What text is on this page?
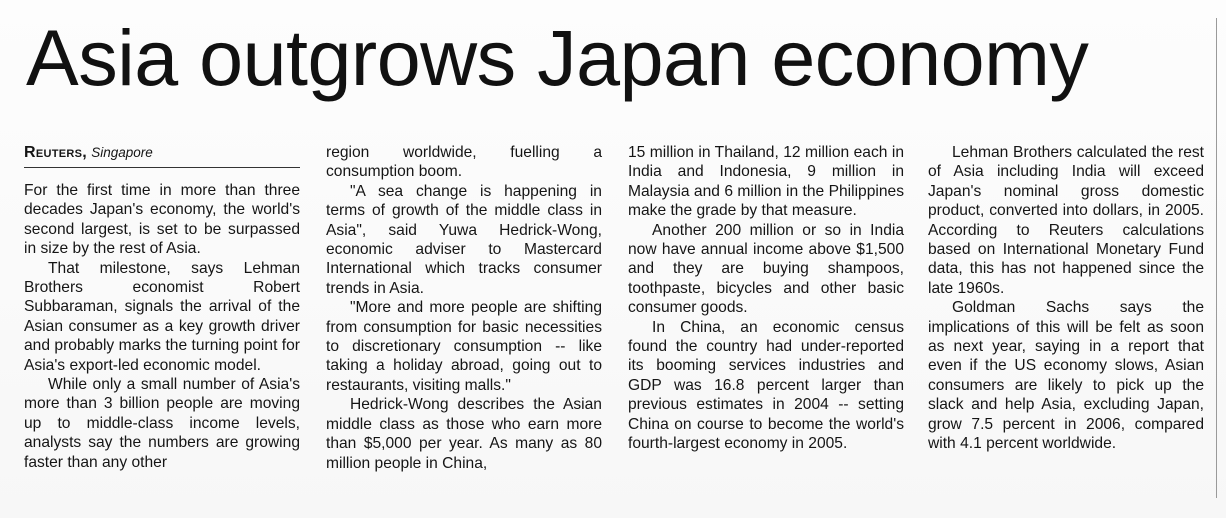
Asia outgrows Japan economy
Reuters, Singapore

For the first time in more than three decades Japan's economy, the world's second largest, is set to be surpassed in size by the rest of Asia.

That milestone, says Lehman Brothers economist Robert Subbaraman, signals the arrival of the Asian consumer as a key growth driver and probably marks the turning point for Asia's export-led economic model.

While only a small number of Asia's more than 3 billion people are moving up to middle-class income levels, analysts say the numbers are growing faster than any other

region worldwide, fuelling a consumption boom.

"A sea change is happening in terms of growth of the middle class in Asia", said Yuwa Hedrick-Wong, economic adviser to Mastercard International which tracks consumer trends in Asia.

"More and more people are shifting from consumption for basic necessities to discretionary consumption -- like taking a holiday abroad, going out to restaurants, visiting malls."

Hedrick-Wong describes the Asian middle class as those who earn more than $5,000 per year. As many as 80 million people in China,

15 million in Thailand, 12 million each in India and Indonesia, 9 million in Malaysia and 6 million in the Philippines make the grade by that measure.

Another 200 million or so in India now have annual income above $1,500 and they are buying shampoos, toothpaste, bicycles and other basic consumer goods.

In China, an economic census found the country had under-reported its booming services industries and GDP was 16.8 percent larger than previous estimates in 2004 -- setting China on course to become the world's fourth-largest economy in 2005.

Lehman Brothers calculated the rest of Asia including India will exceed Japan's nominal gross domestic product, converted into dollars, in 2005. According to Reuters calculations based on International Monetary Fund data, this has not happened since the late 1960s.

Goldman Sachs says the implications of this will be felt as soon as next year, saying in a report that even if the US economy slows, Asian consumers are likely to pick up the slack and help Asia, excluding Japan, grow 7.5 percent in 2006, compared with 4.1 percent worldwide.
